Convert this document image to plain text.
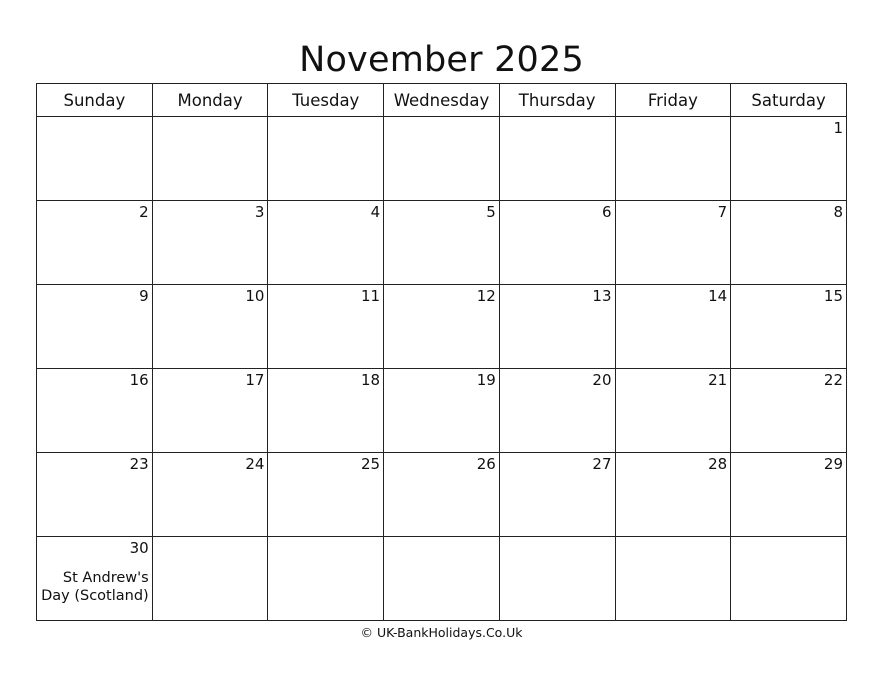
November 2025
Sunday	Monday	Tuesday	Wednesday	Thursday	Friday	Saturday

						1

2	3	4	5	6	7	8

9	10	11	12	13	14	15

16	17	18	19	20	21	22

23	24	25	26	27	28	29

30
St Andrew's Day (Scotland)						

© UK-BankHolidays.Co.Uk
